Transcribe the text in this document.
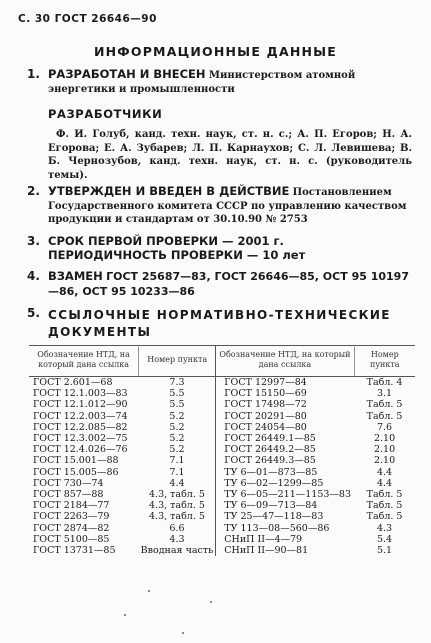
С. 30 ГОСТ 26646—90
ИНФОРМАЦИОННЫЕ ДАННЫЕ
1. РАЗРАБОТАН И ВНЕСЕН Министерством атомной энергетики и промышленности
РАЗРАБОТЧИКИ
Ф. И. Голуб, канд. техн. наук, ст. н. с.; А. П. Егоров; Н. А. Егорова; Е. А. Зубарев; Л. П. Карнаухов; С. Л. Левишева; В. Б. Чернозубов, канд. техн. наук, ст. н. с. (руководитель темы).
2. УТВЕРЖДЕН И ВВЕДЕН В ДЕЙСТВИЕ Постановлением Государственного комитета СССР по управлению качеством продукции и стандартам от 30.10.90 № 2753
3. СРОК ПЕРВОЙ ПРОВЕРКИ — 2001 г.
ПЕРИОДИЧНОСТЬ ПРОВЕРКИ — 10 лет
4. ВЗАМЕН ГОСТ 25687—83, ГОСТ 26646—85, ОСТ 95 10197—86, ОСТ 95 10233—86
5. ССЫЛОЧНЫЕ НОРМАТИВНО-ТЕХНИЧЕСКИЕ ДОКУМЕНТЫ
Обозначение НТД, на который дана ссылка	Номер пункта	Обозначение НТД, на который дана ссылка	Номер пункта
ГОСТ 2.601—68	7.3	ГОСТ 12997—84	Табл. 4
ГОСТ 12.1.003—83	5.5	ГОСТ 15150—69	3.1
ГОСТ 12.1.012—90	5.5	ГОСТ 17498—72	Табл. 5
ГОСТ 12.2.003—74	5.2	ГОСТ 20291—80	Табл. 5
ГОСТ 12.2.085—82	5.2	ГОСТ 24054—80	7.6
ГОСТ 12.3.002—75	5.2	ГОСТ 26449.1—85	2.10
ГОСТ 12.4.026—76	5.2	ГОСТ 26449.2—85	2.10
ГОСТ 15.001—88	7.1	ГОСТ 26449.3—85	2.10
ГОСТ 15.005—86	7.1	ТУ 6—01—873—85	4.4
ГОСТ 730—74	4.4	ТУ 6—02—1299—85	4.4
ГОСТ 857—88	4.3, табл. 5	ТУ 6—05—211—1153—83	Табл. 5
ГОСТ 2184—77	4.3, табл. 5	ТУ 6—09—713—84	Табл. 5
ГОСТ 2263—79	4.3, табл. 5	ТУ 25—47—118—83	Табл. 5
ГОСТ 2874—82	6.6	ТУ 113—08—560—86	4.3
ГОСТ 5100—85	4.3	СНиП II—4—79	5.4
ГОСТ 13731—85	Вводная часть	СНиП II—90—81	5.1
